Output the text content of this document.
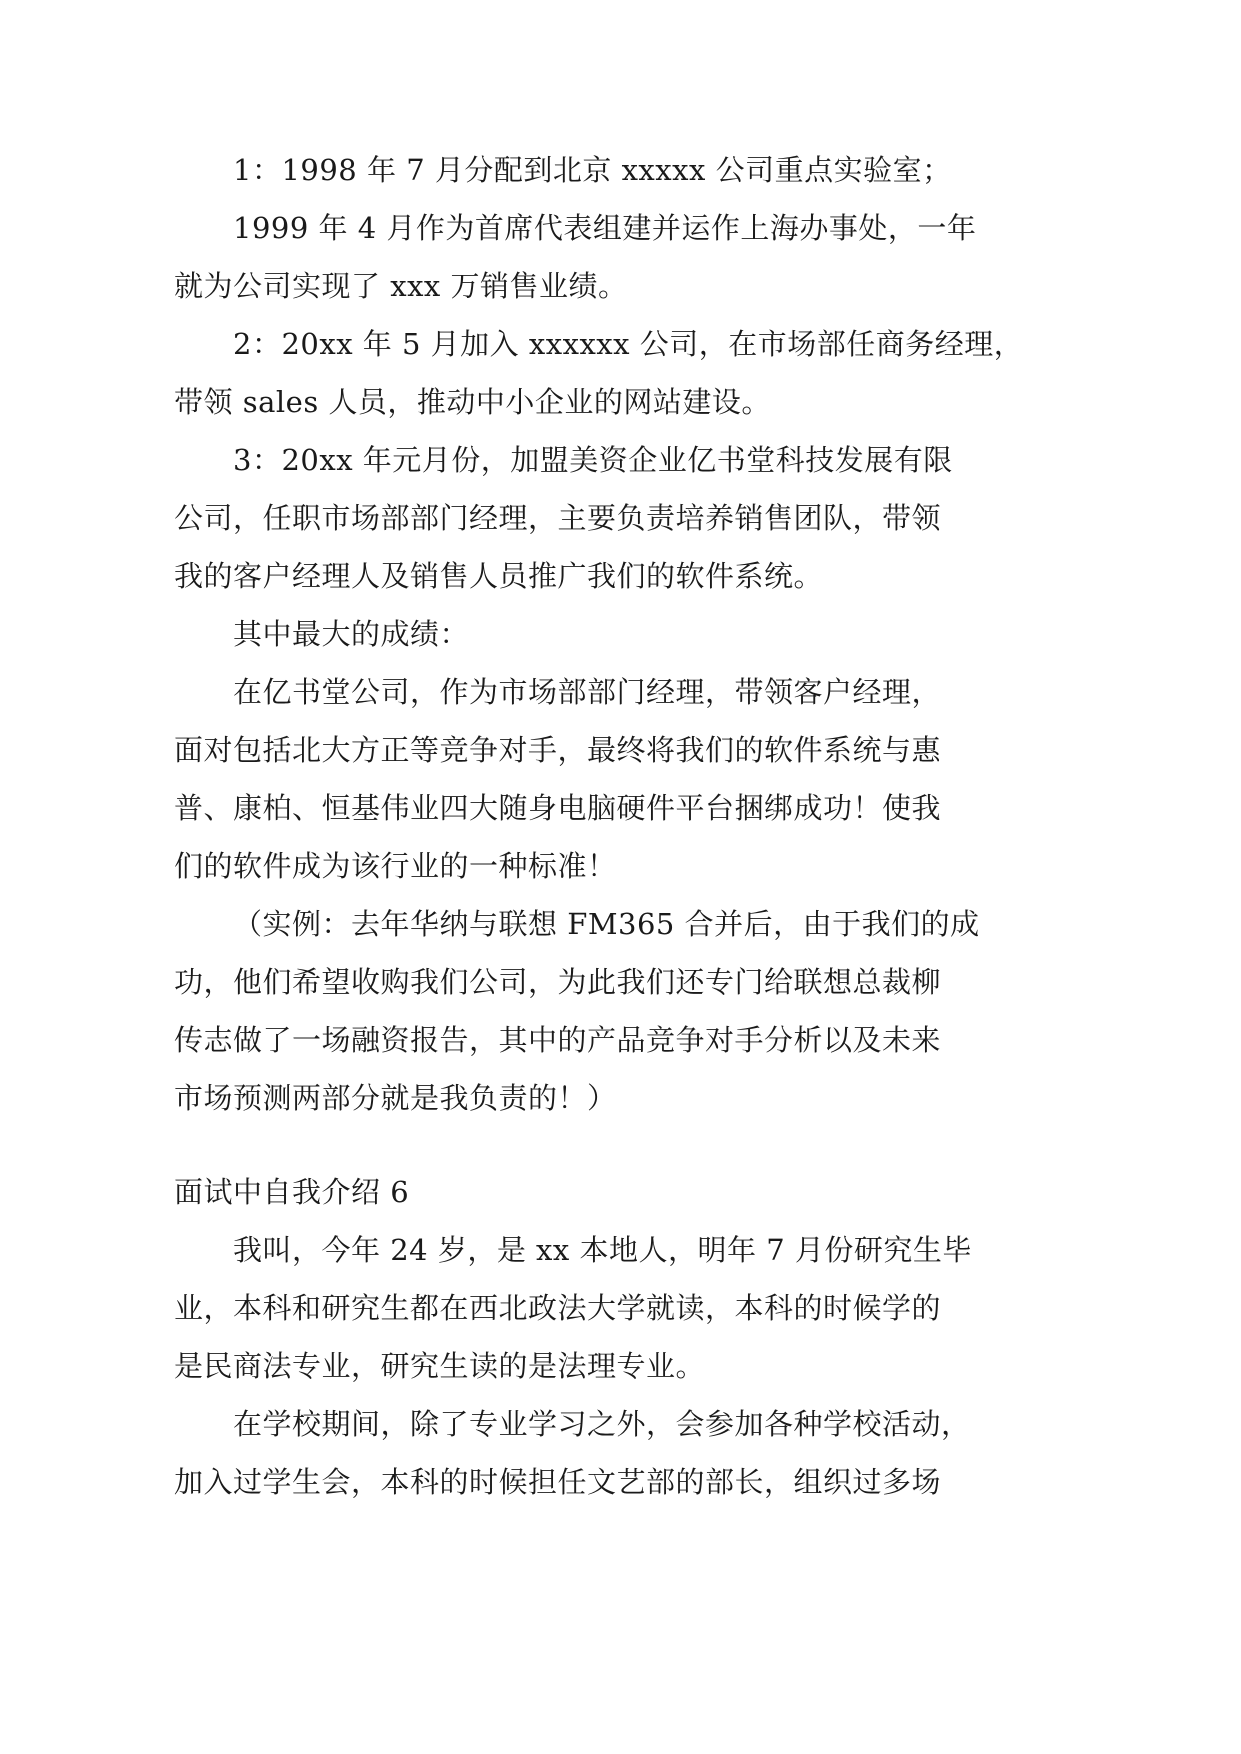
1：1998 年 7 月分配到北京 xxxxx 公司重点实验室；
1999 年 4 月作为首席代表组建并运作上海办事处，一年
就为公司实现了 xxx 万销售业绩。
2：20xx 年 5 月加入 xxxxxx 公司，在市场部任商务经理，
带领 sales 人员，推动中小企业的网站建设。
3：20xx 年元月份，加盟美资企业亿书堂科技发展有限
公司，任职市场部部门经理，主要负责培养销售团队，带领
我的客户经理人及销售人员推广我们的软件系统。
其中最大的成绩：
在亿书堂公司，作为市场部部门经理，带领客户经理，
面对包括北大方正等竞争对手，最终将我们的软件系统与惠
普、康柏、恒基伟业四大随身电脑硬件平台捆绑成功！使我
们的软件成为该行业的一种标准！
（实例：去年华纳与联想 FM365 合并后，由于我们的成
功，他们希望收购我们公司，为此我们还专门给联想总裁柳
传志做了一场融资报告，其中的产品竞争对手分析以及未来
市场预测两部分就是我负责的！）
面试中自我介绍 6
我叫，今年 24 岁，是 xx 本地人，明年 7 月份研究生毕
业，本科和研究生都在西北政法大学就读，本科的时候学的
是民商法专业，研究生读的是法理专业。
在学校期间，除了专业学习之外，会参加各种学校活动，
加入过学生会，本科的时候担任文艺部的部长，组织过多场
